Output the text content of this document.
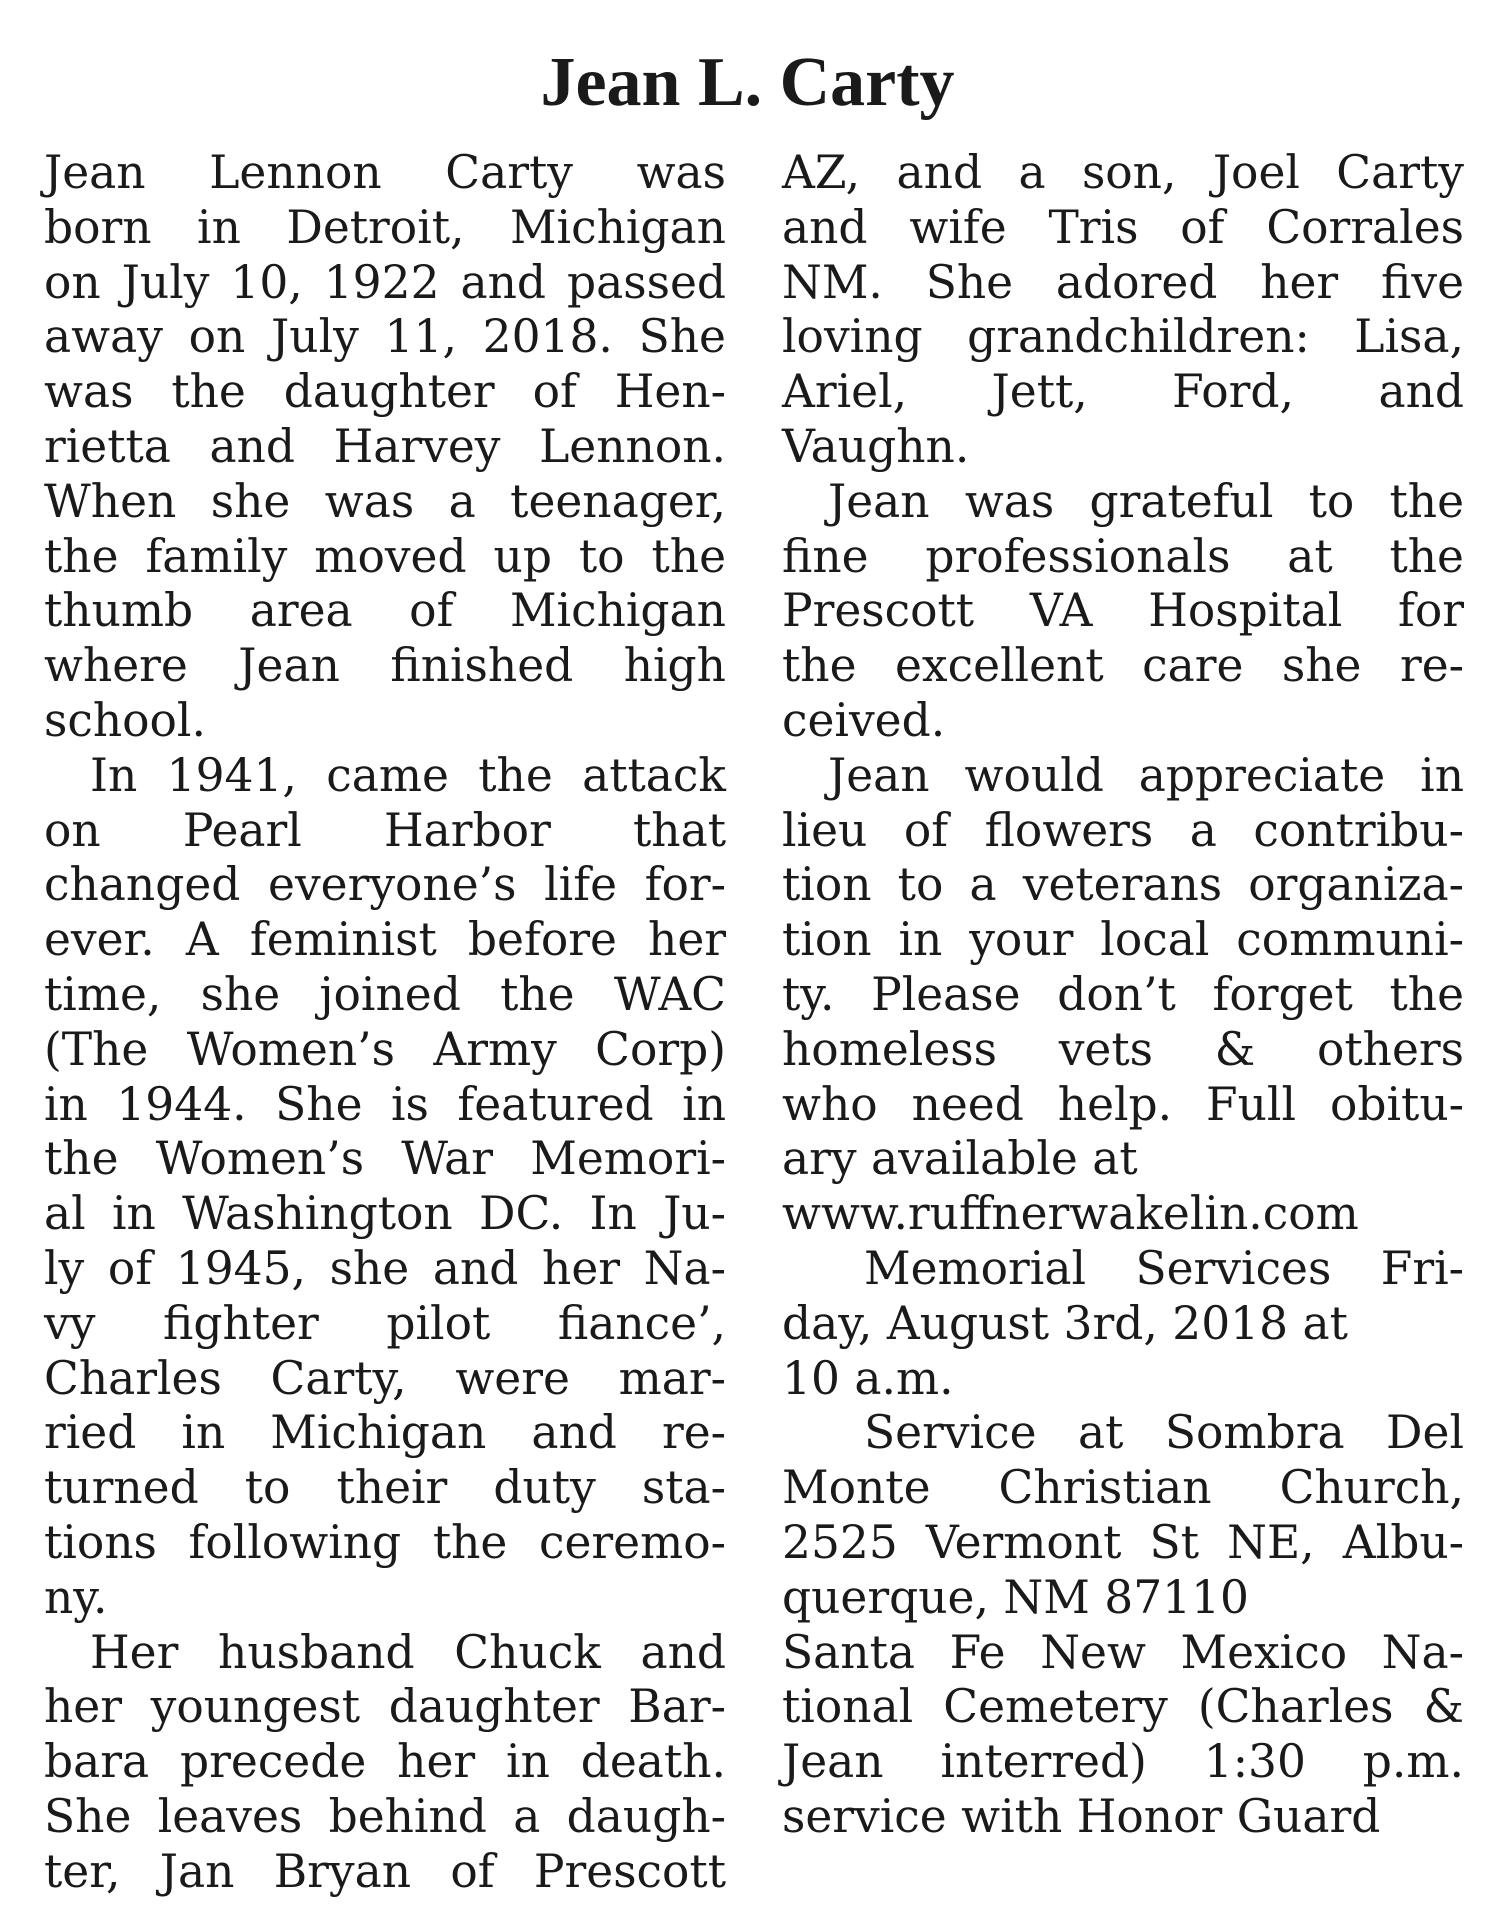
Jean L. Carty
Jean Lennon Carty was
born in Detroit, Michigan
on July 10, 1922 and passed
away on July 11, 2018. She
was the daughter of Hen-
rietta and Harvey Lennon.
When she was a teenager,
the family moved up to the
thumb area of Michigan
where Jean finished high
school.
In 1941, came the attack
on Pearl Harbor that
changed everyone’s life for-
ever. A feminist before her
time, she joined the WAC
(The Women’s Army Corp)
in 1944. She is featured in
the Women’s War Memori-
al in Washington DC. In Ju-
ly of 1945, she and her Na-
vy fighter pilot fiance’,
Charles Carty, were mar-
ried in Michigan and re-
turned to their duty sta-
tions following the ceremo-
ny.
Her husband Chuck and
her youngest daughter Bar-
bara precede her in death.
She leaves behind a daugh-
ter, Jan Bryan of Prescott
AZ, and a son, Joel Carty
and wife Tris of Corrales
NM. She adored her five
loving grandchildren: Lisa,
Ariel, Jett, Ford, and
Vaughn.
Jean was grateful to the
fine professionals at the
Prescott VA Hospital for
the excellent care she re-
ceived.
Jean would appreciate in
lieu of flowers a contribu-
tion to a veterans organiza-
tion in your local communi-
ty. Please don’t forget the
homeless vets & others
who need help. Full obitu-
ary available at
www.ruffnerwakelin.com
Memorial Services Fri-
day, August 3rd, 2018 at
10 a.m.
Service at Sombra Del
Monte Christian Church,
2525 Vermont St NE, Albu-
querque, NM 87110
Santa Fe New Mexico Na-
tional Cemetery (Charles &
Jean interred) 1:30 p.m.
service with Honor Guard
